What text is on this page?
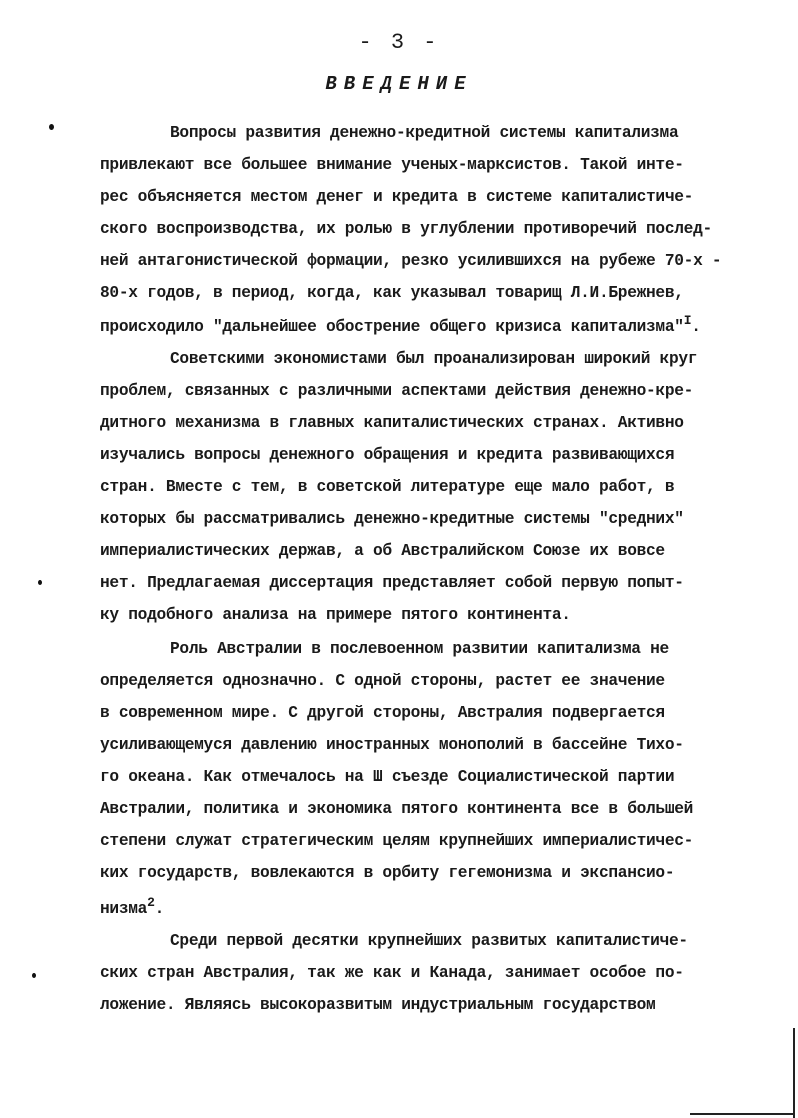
- 3 -
ВВЕДЕНИЕ
Вопросы развития денежно-кредитной системы капитализма
привлекают все большее внимание ученых-марксистов. Такой инте-
рес объясняется местом денег и кредита в системе капиталистиче-
ского воспроизводства, их ролью в углублении противоречий послед-
ней антагонистической формации, резко усилившихся на рубеже 70-х -
80-х годов, в период, когда, как указывал товарищ Л.И.Брежнев,
происходило "дальнейшее обострение общего кризиса капитализма"$^I$.
Советскими экономистами был проанализирован широкий круг
проблем, связанных с различными аспектами действия денежно-кре-
дитного механизма в главных капиталистических странах. Активно
изучались вопросы денежного обращения и кредита развивающихся
стран. Вместе с тем, в советской литературе еще мало работ, в
которых бы рассматривались денежно-кредитные системы "средних"
империалистических держав, а об Австралийском Союзе их вовсе
нет. Предлагаемая диссертация представляет собой первую попыт-
ку подобного анализа на примере пятого континента.
Роль Австралии в послевоенном развитии капитализма не
определяется однозначно. С одной стороны, растет ее значение
в современном мире. С другой стороны, Австралия подвергается
усиливающемуся давлению иностранных монополий в бассейне Тихо-
го океана. Как отмечалось на Ш съезде Социалистической партии
Австралии, политика и экономика пятого континента все в большей
степени служат стратегическим целям крупнейших империалистичес-
ких государств, вовлекаются в орбиту гегемонизма и экспансио-
низма$^2$.
Среди первой десятки крупнейших развитых капиталистиче-
ских стран Австралия, так же как и Канада, занимает особое по-
ложение. Являясь высокоразвитым индустриальным государством
